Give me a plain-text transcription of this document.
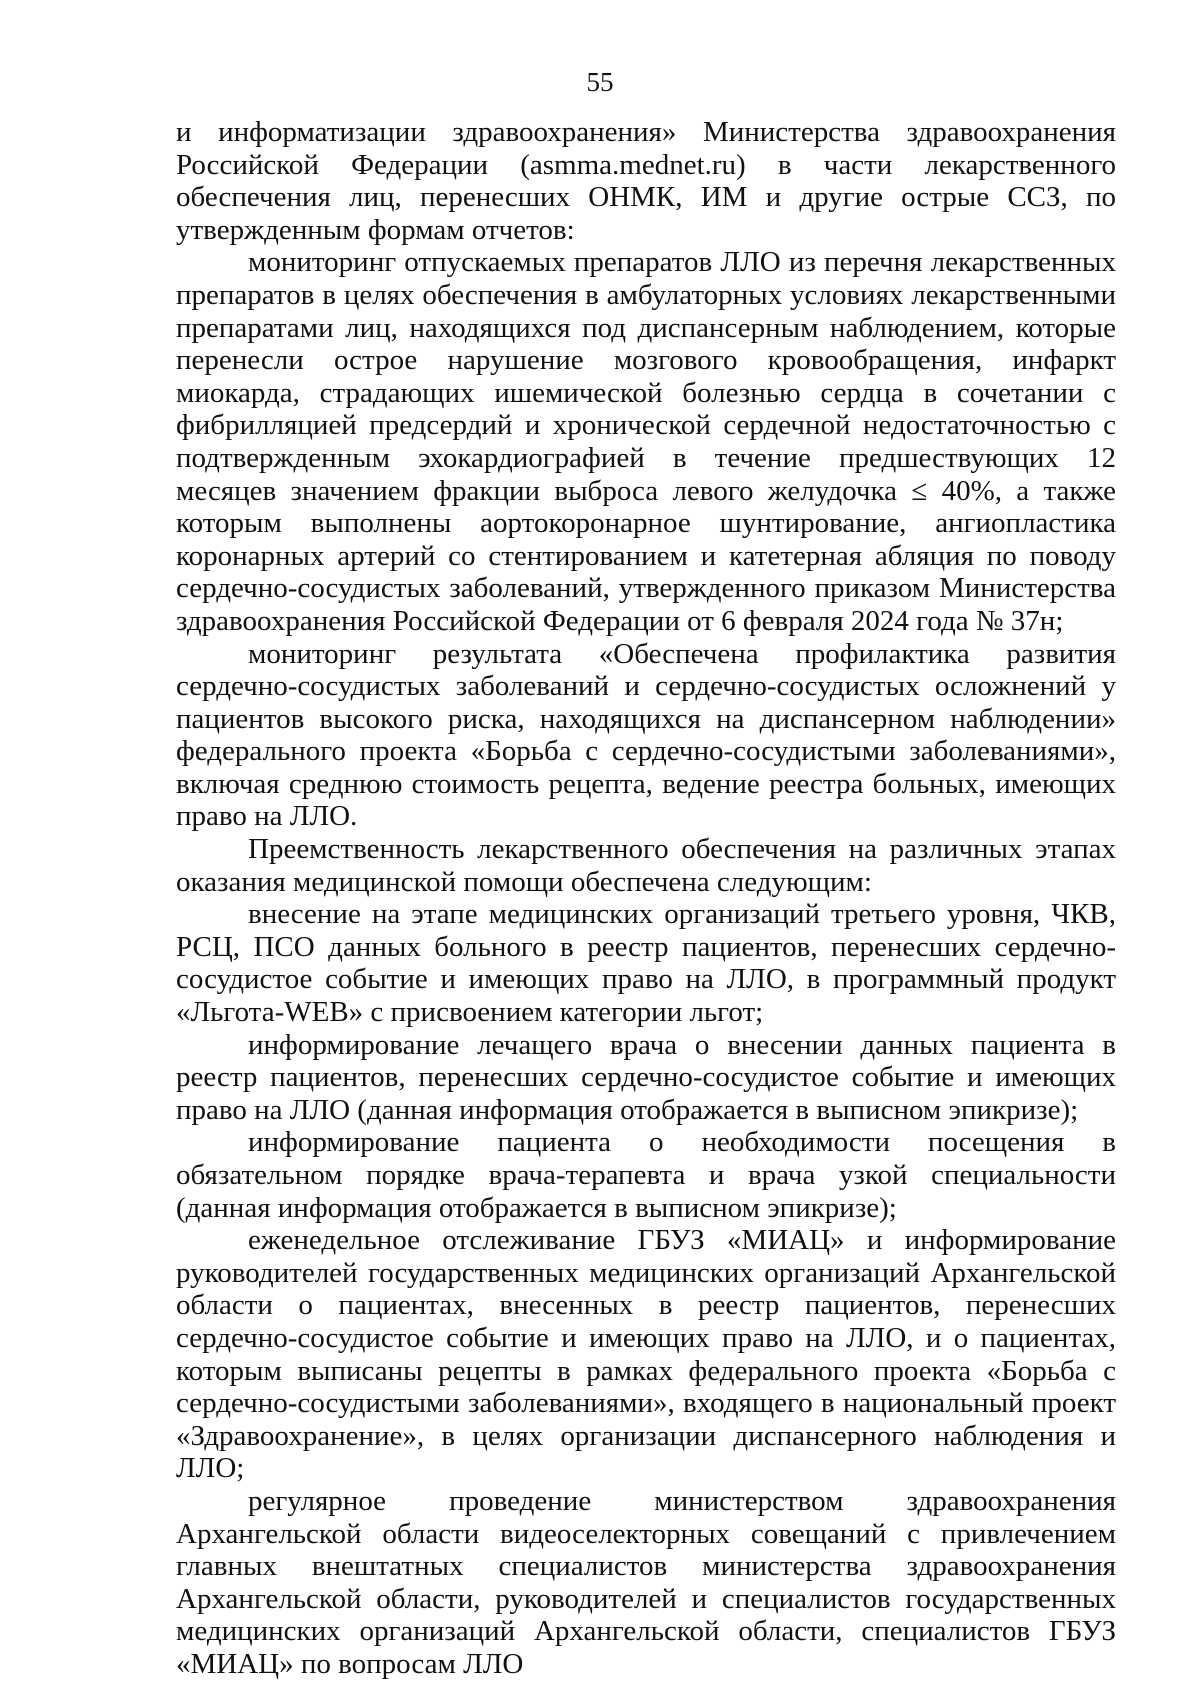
55

и информатизации здравоохранения» Министерства здравоохранения Российской Федерации (asmma.mednet.ru) в части лекарственного обеспечения лиц, перенесших ОНМК, ИМ и другие острые ССЗ, по утвержденным формам отчетов:

мониторинг отпускаемых препаратов ЛЛО из перечня лекарственных препаратов в целях обеспечения в амбулаторных условиях лекарственными препаратами лиц, находящихся под диспансерным наблюдением, которые перенесли острое нарушение мозгового кровообращения, инфаркт миокарда, страдающих ишемической болезнью сердца в сочетании с фибрилляцией предсердий и хронической сердечной недостаточностью с подтвержденным эхокардиографией в течение предшествующих 12 месяцев значением фракции выброса левого желудочка ≤ 40%, а также которым выполнены аортокоронарное шунтирование, ангиопластика коронарных артерий со стентированием и катетерная абляция по поводу сердечно-сосудистых заболеваний, утвержденного приказом Министерства здравоохранения Российской Федерации от 6 февраля 2024 года № 37н;

мониторинг результата «Обеспечена профилактика развития сердечно-сосудистых заболеваний и сердечно-сосудистых осложнений у пациентов высокого риска, находящихся на диспансерном наблюдении» федерального проекта «Борьба с сердечно-сосудистыми заболеваниями», включая среднюю стоимость рецепта, ведение реестра больных, имеющих право на ЛЛО.

Преемственность лекарственного обеспечения на различных этапах оказания медицинской помощи обеспечена следующим:

внесение на этапе медицинских организаций третьего уровня, ЧКВ, РСЦ, ПСО данных больного в реестр пациентов, перенесших сердечно-сосудистое событие и имеющих право на ЛЛО, в программный продукт «Льгота-WEB» с присвоением категории льгот;

информирование лечащего врача о внесении данных пациента в реестр пациентов, перенесших сердечно-сосудистое событие и имеющих право на ЛЛО (данная информация отображается в выписном эпикризе);

информирование пациента о необходимости посещения в обязательном порядке врача-терапевта и врача узкой специальности (данная информация отображается в выписном эпикризе);

еженедельное отслеживание ГБУЗ «МИАЦ» и информирование руководителей государственных медицинских организаций Архангельской области о пациентах, внесенных в реестр пациентов, перенесших сердечно-сосудистое событие и имеющих право на ЛЛО, и о пациентах, которым выписаны рецепты в рамках федерального проекта «Борьба с сердечно-сосудистыми заболеваниями», входящего в национальный проект «Здравоохранение», в целях организации диспансерного наблюдения и ЛЛО;

регулярное проведение министерством здравоохранения Архангельской области видеоселекторных совещаний с привлечением главных внештатных специалистов министерства здравоохранения Архангельской области, руководителей и специалистов государственных медицинских организаций Архангельской области, специалистов ГБУЗ «МИАЦ» по вопросам ЛЛО
